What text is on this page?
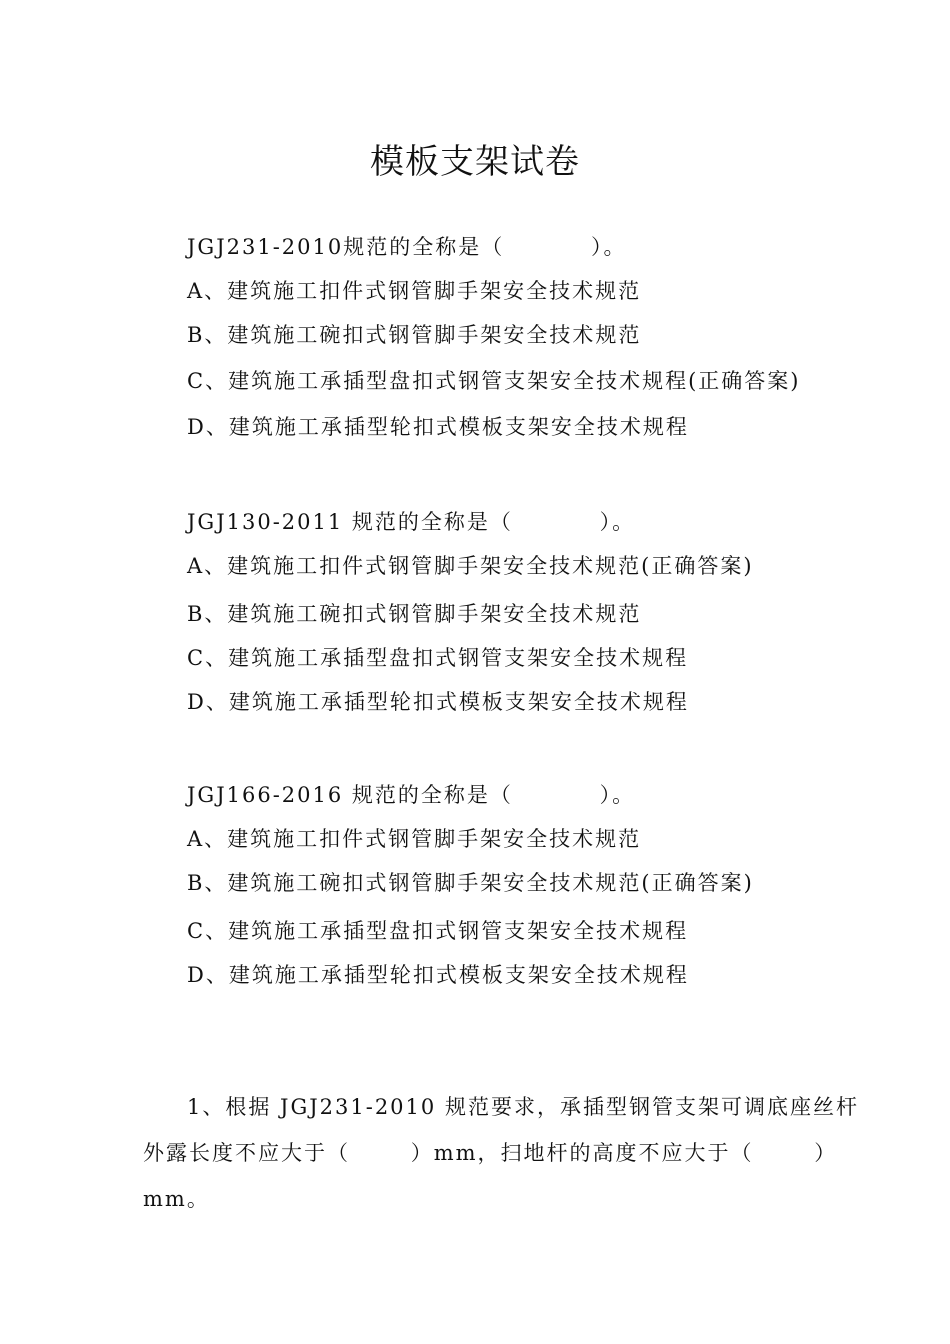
模板支架试卷
JGJ231-2010规范的全称是（          ）。
A、建筑施工扣件式钢管脚手架安全技术规范
B、建筑施工碗扣式钢管脚手架安全技术规范
C、建筑施工承插型盘扣式钢管支架安全技术规程(正确答案)
D、建筑施工承插型轮扣式模板支架安全技术规程
JGJ130-2011 规范的全称是（          ）。
A、建筑施工扣件式钢管脚手架安全技术规范(正确答案)
B、建筑施工碗扣式钢管脚手架安全技术规范
C、建筑施工承插型盘扣式钢管支架安全技术规程
D、建筑施工承插型轮扣式模板支架安全技术规程
JGJ166-2016 规范的全称是（          ）。
A、建筑施工扣件式钢管脚手架安全技术规范
B、建筑施工碗扣式钢管脚手架安全技术规范(正确答案)
C、建筑施工承插型盘扣式钢管支架安全技术规程
D、建筑施工承插型轮扣式模板支架安全技术规程
1、根据 JGJ231-2010 规范要求，承插型钢管支架可调底座丝杆
外露长度不应大于（       ）mm，扫地杆的高度不应大于（       ）
mm。
